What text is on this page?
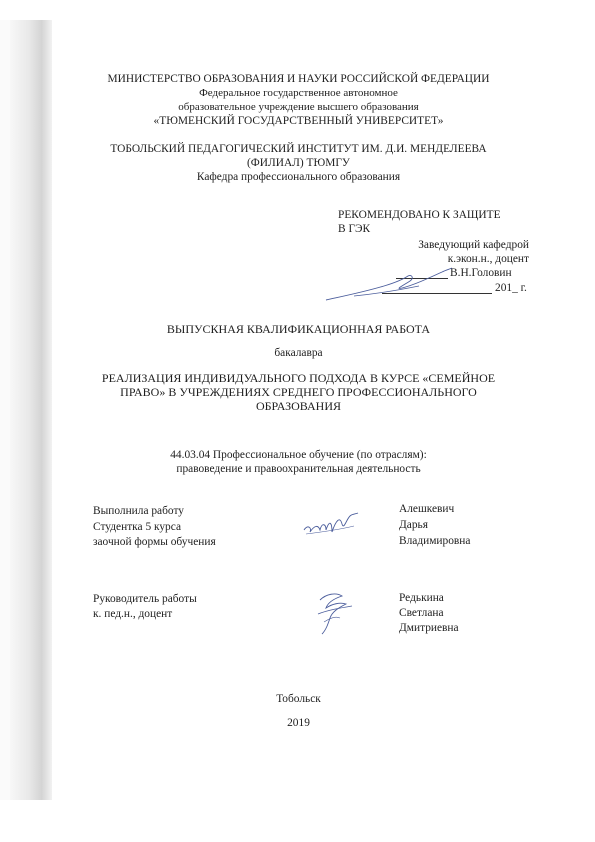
МИНИСТЕРСТВО ОБРАЗОВАНИЯ И НАУКИ РОССИЙСКОЙ ФЕДЕРАЦИИ
Федеральное государственное автономное
образовательное учреждение высшего образования
«ТЮМЕНСКИЙ ГОСУДАРСТВЕННЫЙ УНИВЕРСИТЕТ»
ТОБОЛЬСКИЙ ПЕДАГОГИЧЕСКИЙ ИНСТИТУТ ИМ. Д.И. МЕНДЕЛЕЕВА
(ФИЛИАЛ) ТЮМГУ
Кафедра профессионального образования
РЕКОМЕНДОВАНО К ЗАЩИТЕ
В ГЭК
Заведующий кафедрой
к.экон.н., доцент
В.Н.Головин
201_ г.
ВЫПУСКНАЯ КВАЛИФИКАЦИОННАЯ РАБОТА
бакалавра
РЕАЛИЗАЦИЯ ИНДИВИДУАЛЬНОГО ПОДХОДА В КУРСЕ «СЕМЕЙНОЕ
ПРАВО» В УЧРЕЖДЕНИЯХ СРЕДНЕГО ПРОФЕССИОНАЛЬНОГО
ОБРАЗОВАНИЯ
44.03.04 Профессиональное обучение (по отраслям):
правоведение и правоохранительная деятельность
Выполнила работу
Студентка 5 курса
заочной формы обучения
Алешкевич
Дарья
Владимировна
Руководитель работы
к. пед.н., доцент
Редькина
Светлана
Дмитриевна
Тобольск
2019
